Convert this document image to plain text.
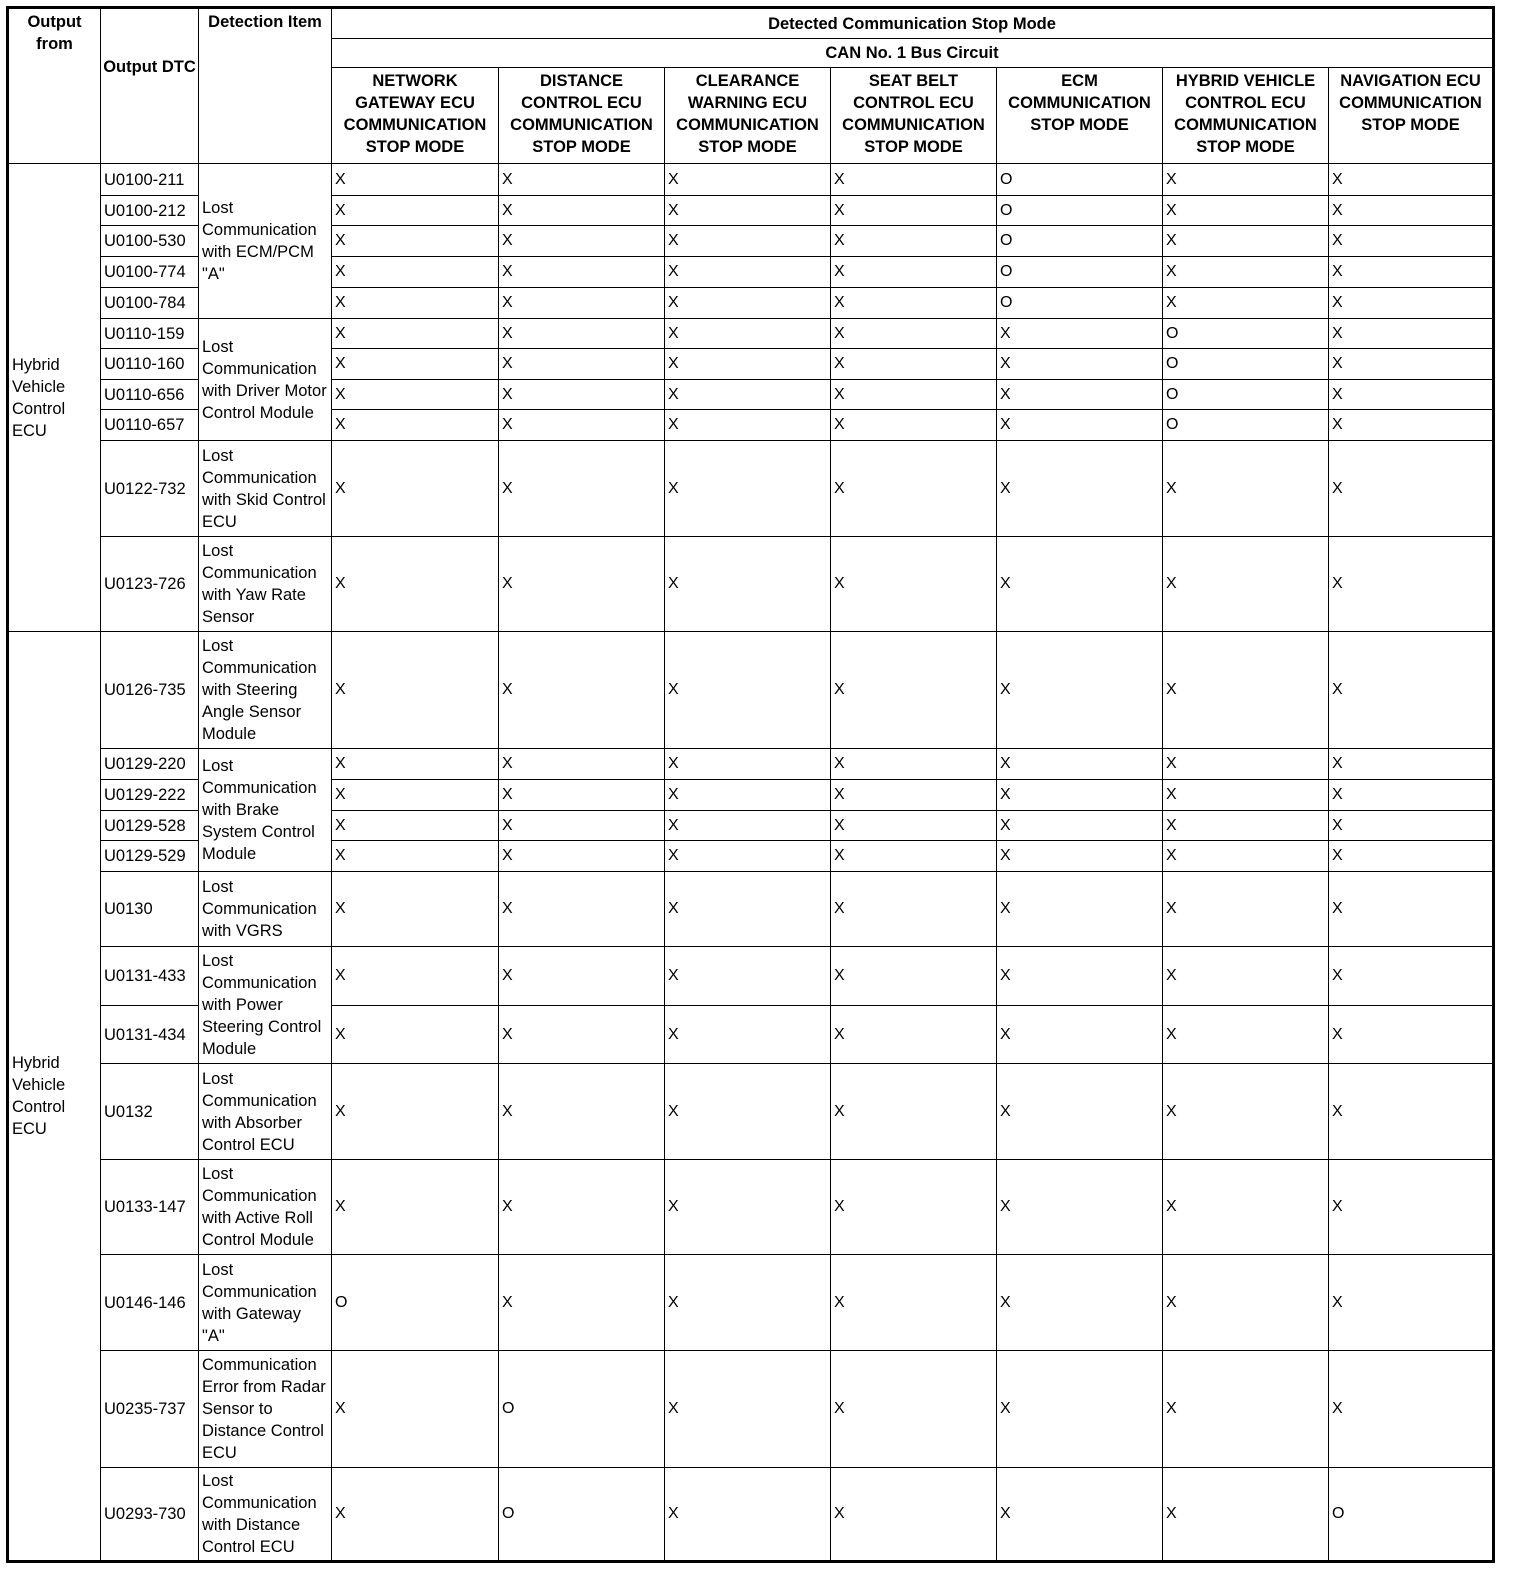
Output from	Output DTC	Detection Item	Detected Communication Stop Mode						
			CAN No. 1 Bus Circuit						
			NETWORK GATEWAY ECU COMMUNICATION STOP MODE	DISTANCE CONTROL ECU COMMUNICATION STOP MODE	CLEARANCE WARNING ECU COMMUNICATION STOP MODE	SEAT BELT CONTROL ECU COMMUNICATION STOP MODE	ECM COMMUNICATION STOP MODE	HYBRID VEHICLE CONTROL ECU COMMUNICATION STOP MODE	NAVIGATION ECU COMMUNICATION STOP MODE
Hybrid Vehicle Control ECU	U0100-211	Lost Communication with ECM/PCM "A"	X	X	X	X	O	X	X
	U0100-212		X	X	X	X	O	X	X
	U0100-530		X	X	X	X	O	X	X
	U0100-774		X	X	X	X	O	X	X
	U0100-784		X	X	X	X	O	X	X
	U0110-159	Lost Communication with Driver Motor Control Module	X	X	X	X	X	O	X
	U0110-160		X	X	X	X	X	O	X
	U0110-656		X	X	X	X	X	O	X
	U0110-657		X	X	X	X	X	O	X
	U0122-732	Lost Communication with Skid Control ECU	X	X	X	X	X	X	X
	U0123-726	Lost Communication with Yaw Rate Sensor	X	X	X	X	X	X	X
Hybrid Vehicle Control ECU	U0126-735	Lost Communication with Steering Angle Sensor Module	X	X	X	X	X	X	X
	U0129-220	Lost Communication with Brake System Control Module	X	X	X	X	X	X	X
	U0129-222		X	X	X	X	X	X	X
	U0129-528		X	X	X	X	X	X	X
	U0129-529		X	X	X	X	X	X	X
	U0130	Lost Communication with VGRS	X	X	X	X	X	X	X
	U0131-433	Lost Communication with Power Steering Control Module	X	X	X	X	X	X	X
	U0131-434		X	X	X	X	X	X	X
	U0132	Lost Communication with Absorber Control ECU	X	X	X	X	X	X	X
	U0133-147	Lost Communication with Active Roll Control Module	X	X	X	X	X	X	X
	U0146-146	Lost Communication with Gateway "A"	O	X	X	X	X	X	X
	U0235-737	Communication Error from Radar Sensor to Distance Control ECU	X	O	X	X	X	X	X
	U0293-730	Lost Communication with Distance Control ECU	X	O	X	X	X	X	O
